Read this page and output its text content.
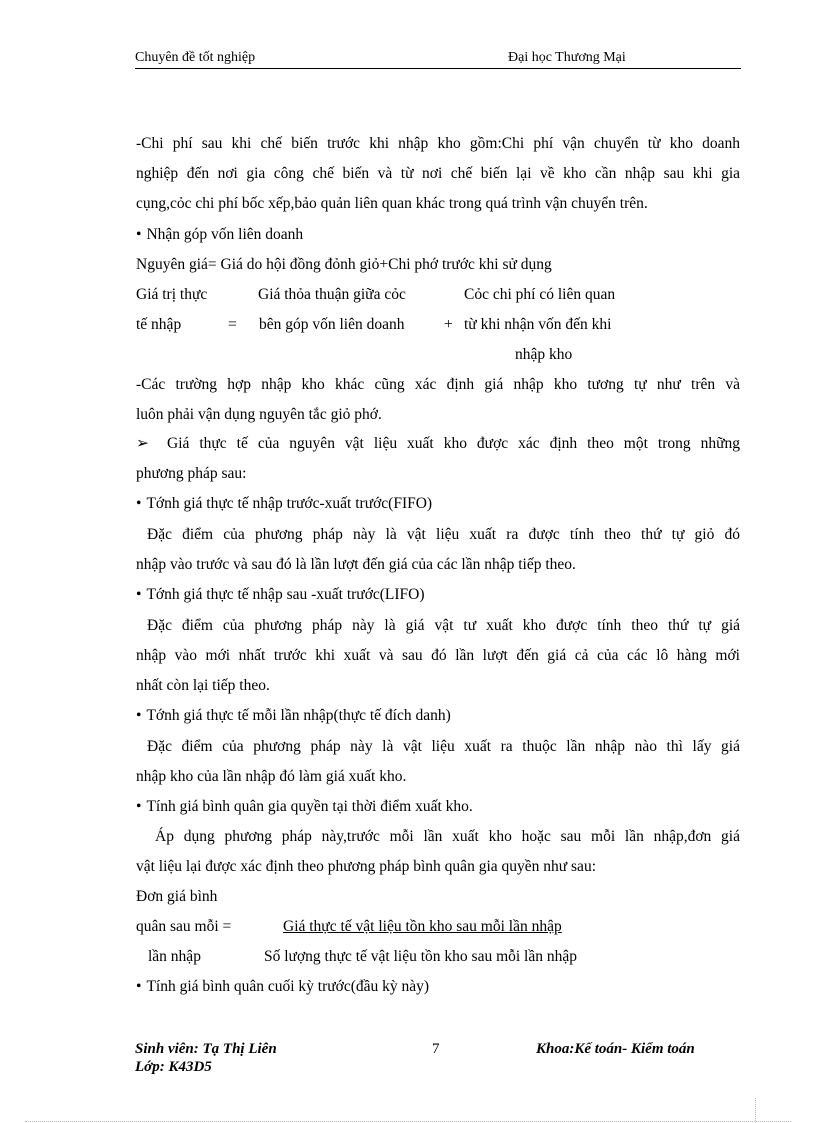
Chuyên đề tốt nghiệp	Đại học Thương Mại
-Chi phí sau khi chế biến trước khi nhập kho gồm:Chi phí vận chuyển từ kho doanh
nghiệp đến nơi gia công chế biến và từ nơi chế biến lại về kho cần nhập sau khi gia
cụng,cỏc chi phí bốc xếp,bảo quản liên quan khác trong quá trình vận chuyển trên.
• Nhận góp vốn liên doanh
Nguyên giá= Giá do hội đồng đỏnh giỏ+Chi phớ trước khi sử dụng
Giá trị thực	Giá thỏa thuận giữa cỏc	Cỏc chi phí có liên quan
tế nhập	= bên góp vốn liên doanh	+ từ khi nhận vốn đến khi
nhập kho
-Các trường hợp nhập kho khác cũng xác định giá nhập kho tương tự như trên và
luôn phải vận dụng nguyên tắc giỏ phớ.
➢ Giá thực tế của nguyên vật liệu xuất kho được xác định theo một trong những
phương pháp sau:
• Tớnh giá thực tế nhập trước-xuất trước(FIFO)
Đặc điểm của phương pháp này là vật liệu xuất ra được tính theo thứ tự giỏ đó
nhập vào trước và sau đó là lần lượt đến giá của các lần nhập tiếp theo.
• Tớnh giá thực tế nhập sau -xuất trước(LIFO)
Đặc điểm của phương pháp này là giá vật tư xuất kho được tính theo thứ tự giá
nhập vào mới nhất trước khi xuất và sau đó lần lượt đến giá cả của các lô hàng mới
nhất còn lại tiếp theo.
• Tớnh giá thực tế mỗi lần nhập(thực tế đích danh)
Đặc điểm của phương pháp này là vật liệu xuất ra thuộc lần nhập nào thì lấy giá
nhập kho của lần nhập đó làm giá xuất kho.
• Tính giá bình quân gia quyền tại thời điểm xuất kho.
Áp dụng phương pháp này,trước mỗi lần xuất kho hoặc sau mỗi lần nhập,đơn giá
vật liệu lại được xác định theo phương pháp bình quân gia quyền như sau:
Đơn giá bình
quân sau mỗi =	Giá thực tế vật liệu tồn kho sau mỗi lần nhập
lần nhập	Số lượng thực tế vật liệu tồn kho sau mỗi lần nhập
• Tính giá bình quân cuối kỳ trước(đầu kỳ này)
Sinh viên: Tạ Thị Liên
Lớp: K43D5
7	Khoa:Kế toán- Kiểm toán
